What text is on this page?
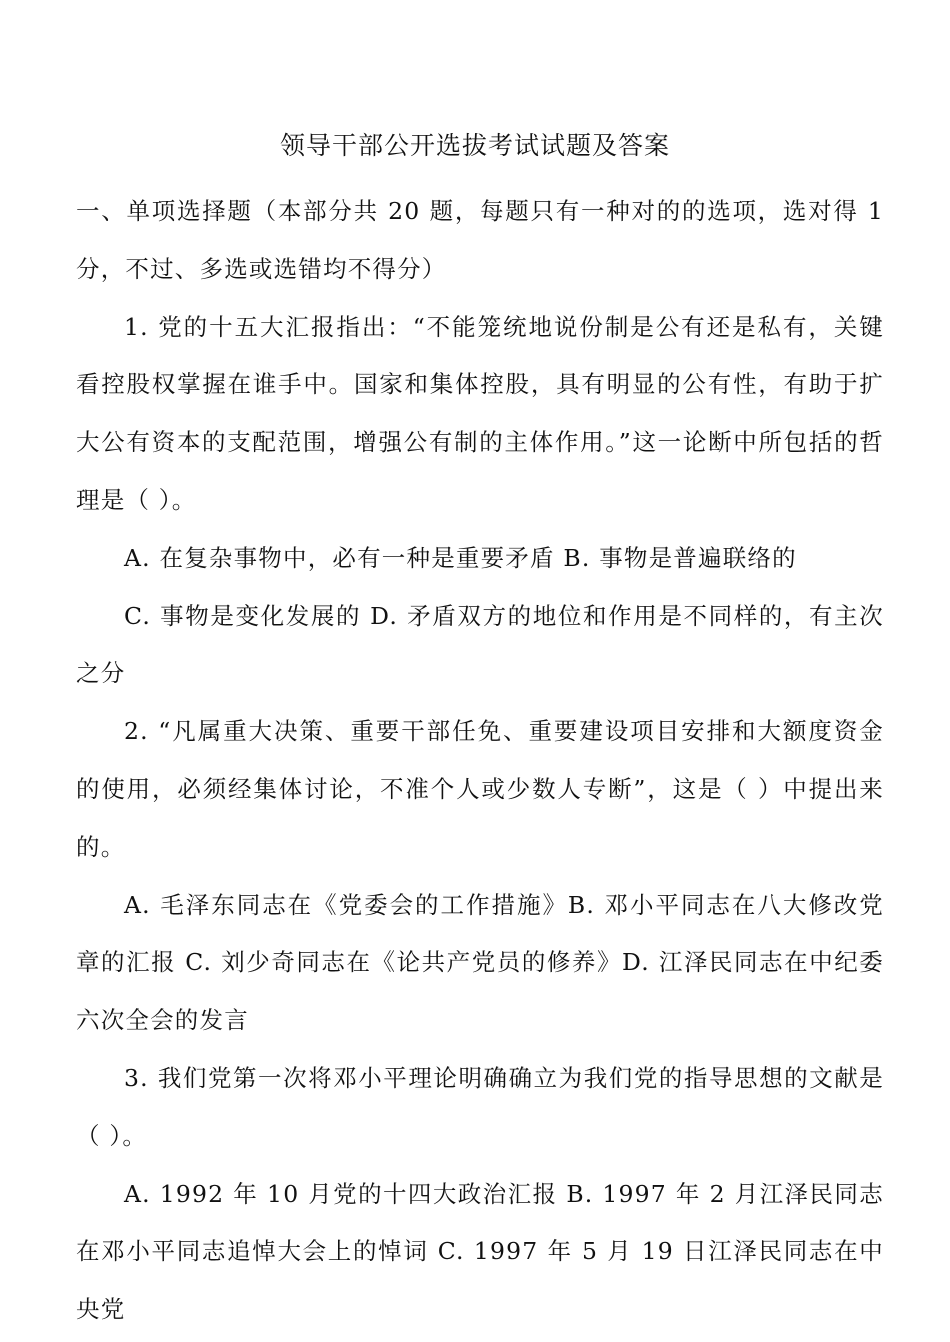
领导干部公开选拔考试试题及答案

一、单项选择题（本部分共 20 题，每题只有一种对的的选项，选对得 1 分，不过、多选或选错均不得分）

1. 党的十五大汇报指出：“不能笼统地说份制是公有还是私有，关键看控股权掌握在谁手中。国家和集体控股，具有明显的公有性，有助于扩大公有资本的支配范围，增强公有制的主体作用。”这一论断中所包括的哲理是（ ）。

A. 在复杂事物中，必有一种是重要矛盾 B. 事物是普遍联络的

C. 事物是变化发展的 D. 矛盾双方的地位和作用是不同样的，有主次之分

2. “凡属重大决策、重要干部任免、重要建设项目安排和大额度资金的使用，必须经集体讨论，不准个人或少数人专断”，这是（ ）中提出来的。

A. 毛泽东同志在《党委会的工作措施》B. 邓小平同志在八大修改党章的汇报 C. 刘少奇同志在《论共产党员的修养》D. 江泽民同志在中纪委六次全会的发言

3. 我们党第一次将邓小平理论明确确立为我们党的指导思想的文献是（ ）。

A. 1992 年 10 月党的十四大政治汇报 B. 1997 年 2 月江泽民同志在邓小平同志追悼大会上的悼词 C. 1997 年 5 月 19 日江泽民同志在中央党
